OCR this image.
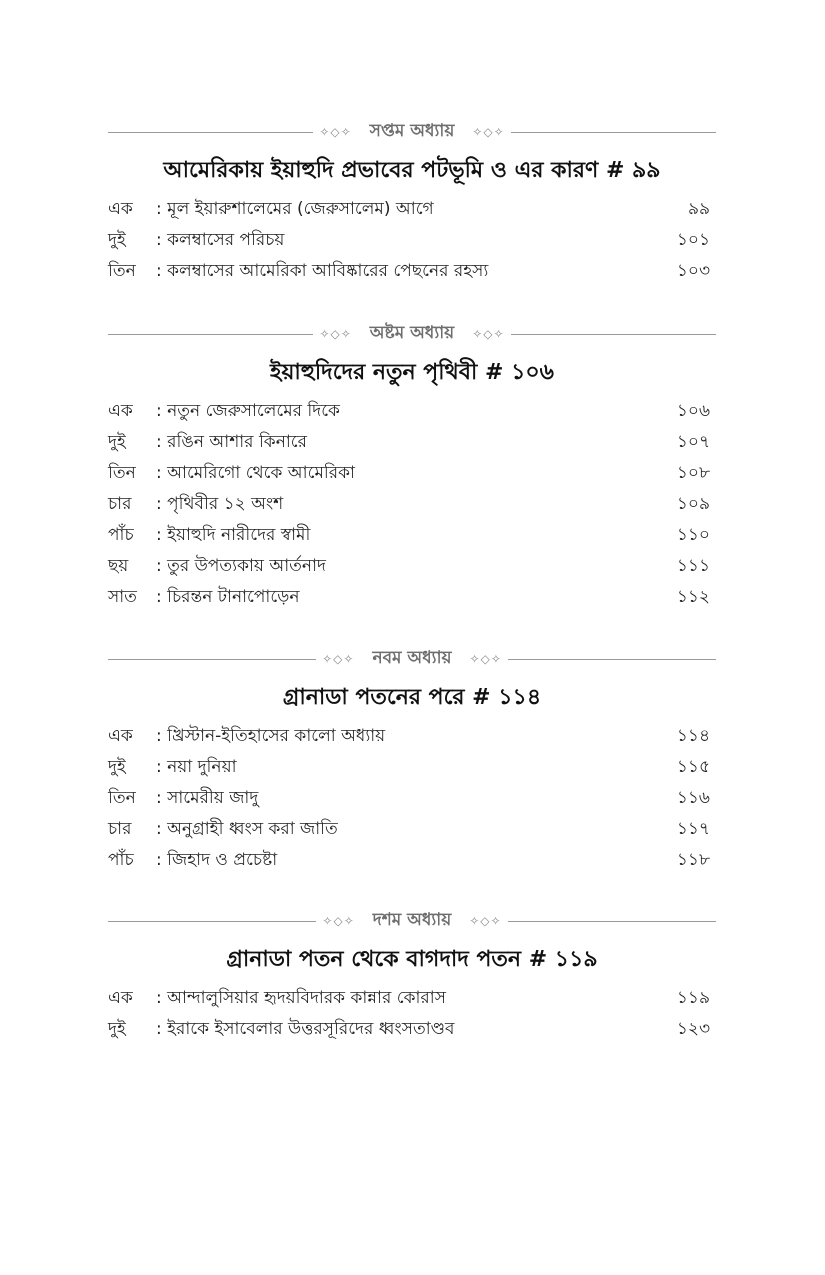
✧◇✧	সপ্তম অধ্যায়	✧◇✧
আমেরিকায় ইয়াহুদি প্রভাবের পটভূমি ও এর কারণ # ৯৯
এক	: মূল ইয়ারুশালেমের (জেরুসালেম) আগে	৯৯
দুই	: কলম্বাসের পরিচয়	১০১
তিন	: কলম্বাসের আমেরিকা আবিষ্কারের পেছনের রহস্য	১০৩
✧◇✧	অষ্টম অধ্যায়	✧◇✧
ইয়াহুদিদের নতুন পৃথিবী # ১০৬
এক	: নতুন জেরুসালেমের দিকে	১০৬
দুই	: রঙিন আশার কিনারে	১০৭
তিন	: আমেরিগো থেকে আমেরিকা	১০৮
চার	: পৃথিবীর ১২ অংশ	১০৯
পাঁচ	: ইয়াহুদি নারীদের স্বামী	১১০
ছয়	: তুর উপত্যকায় আর্তনাদ	১১১
সাত	: চিরন্তন টানাপোড়েন	১১২
✧◇✧	নবম অধ্যায়	✧◇✧
গ্রানাডা পতনের পরে # ১১৪
এক	: খ্রিস্টান-ইতিহাসের কালো অধ্যায়	১১৪
দুই	: নয়া দুনিয়া	১১৫
তিন	: সামেরীয় জাদু	১১৬
চার	: অনুগ্রাহী ধ্বংস করা জাতি	১১৭
পাঁচ	: জিহাদ ও প্রচেষ্টা	১১৮
✧◇✧	দশম অধ্যায়	✧◇✧
গ্রানাডা পতন থেকে বাগদাদ পতন # ১১৯
এক	: আন্দালুসিয়ার হৃদয়বিদারক কান্নার কোরাস	১১৯
দুই	: ইরাকে ইসাবেলার উত্তরসূরিদের ধ্বংসতাণ্ডব	১২৩
